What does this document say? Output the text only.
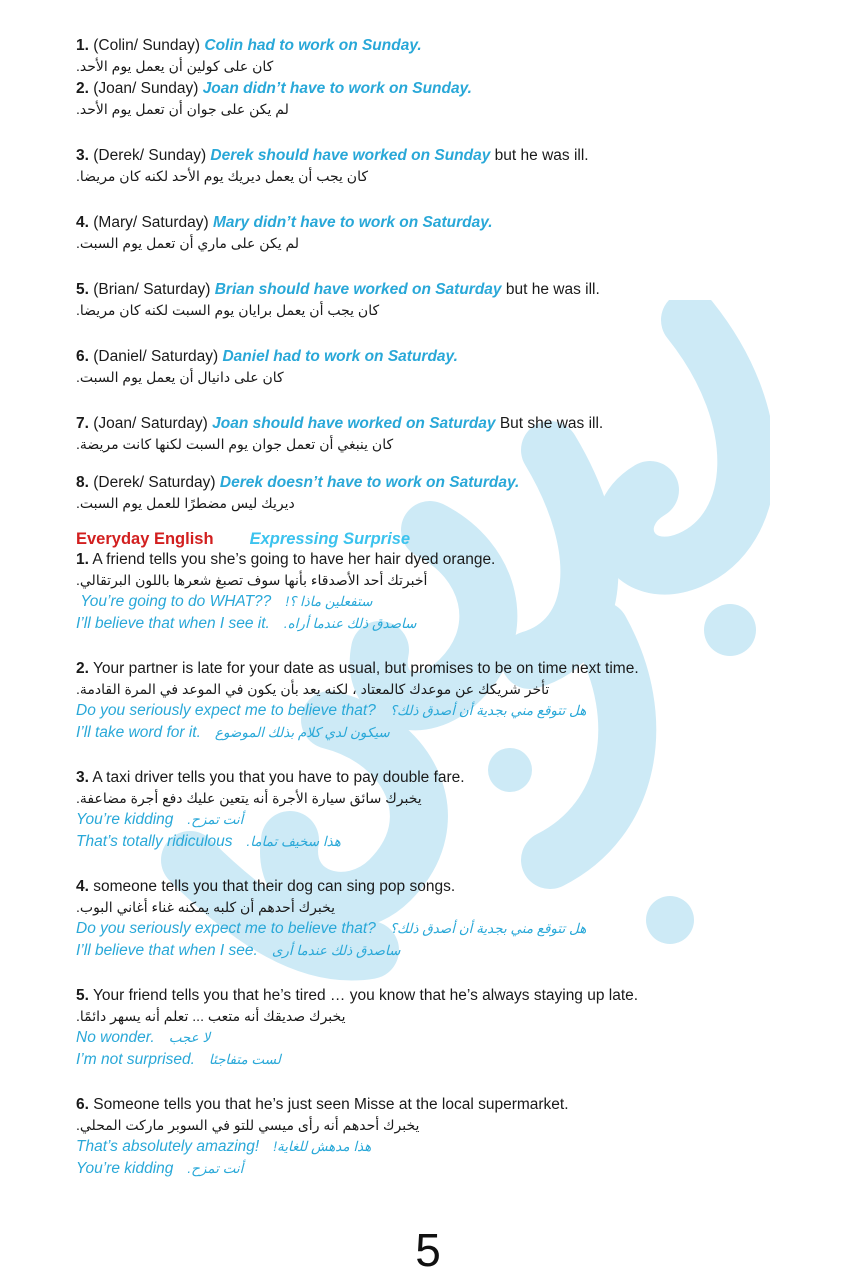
1. (Colin/ Sunday) Colin had to work on Sunday.
كان على كولين أن يعمل يوم الأحد.
2. (Joan/ Sunday) Joan didn’t have to work on Sunday.
لم يكن على جوان أن تعمل يوم الأحد.
3. (Derek/ Sunday) Derek should have worked on Sunday but he was ill.
كان يجب أن يعمل ديريك يوم الأحد لكنه كان مريضا.
4. (Mary/ Saturday) Mary didn’t have to work on Saturday.
لم يكن على ماري أن تعمل يوم السبت.
5. (Brian/ Saturday) Brian should have worked on Saturday but he was ill.
كان يجب أن يعمل برايان يوم السبت لكنه كان مريضا.
6. (Daniel/ Saturday) Daniel had to work on Saturday.
كان على دانيال أن يعمل يوم السبت.
7. (Joan/ Saturday) Joan should have worked on Saturday But she was ill.
كان ينبغي أن تعمل جوان يوم السبت لكنها كانت مريضة.
8. (Derek/ Saturday) Derek doesn’t have to work on Saturday.
ديريك ليس مضطرًا للعمل يوم السبت.
Everyday English Expressing Surprise
1. A friend tells you she’s going to have her hair dyed orange.
أخبرتك أحد الأصدقاء بأنها سوف تصبغ شعرها باللون البرتقالي.
You’re going to do WHAT?? ستفعلين ماذا ؟!
I’ll believe that when I see it. ساصدق ذلك عندما أراه.
2. Your partner is late for your date as usual, but promises to be on time next time.
تأخر شريكك عن موعدك كالمعتاد ، لكنه يعد بأن يكون في الموعد في المرة القادمة.
Do you seriously expect me to believe that? هل تتوقع مني بجدية أن أصدق ذلك؟
I’ll take word for it. سيكون لدي كلام بذلك الموضوع
3. A taxi driver tells you that you have to pay double fare.
يخبرك سائق سيارة الأجرة أنه يتعين عليك دفع أجرة مضاعفة.
You’re kidding أنت تمزح.
That’s totally ridiculous هذا سخيف تماما.
4. someone tells you that their dog can sing pop songs.
يخبرك أحدهم أن كلبه يمكنه غناء أغاني البوب.
Do you seriously expect me to believe that? هل تتوقع مني بجدية أن أصدق ذلك؟
I’ll believe that when I see. ساصدق ذلك عندما أرى
5. Your friend tells you that he’s tired … you know that he’s always staying up late.
يخبرك صديقك أنه متعب ... تعلم أنه يسهر دائمًا.
No wonder. لا عجب
I’m not surprised. لست متفاجئا
6. Someone tells you that he’s just seen Misse at the local supermarket.
يخبرك أحدهم أنه رأى ميسي للتو في السوبر ماركت المحلي.
That’s absolutely amazing! هذا مدهش للغاية!
You’re kidding أنت تمزح.
5
